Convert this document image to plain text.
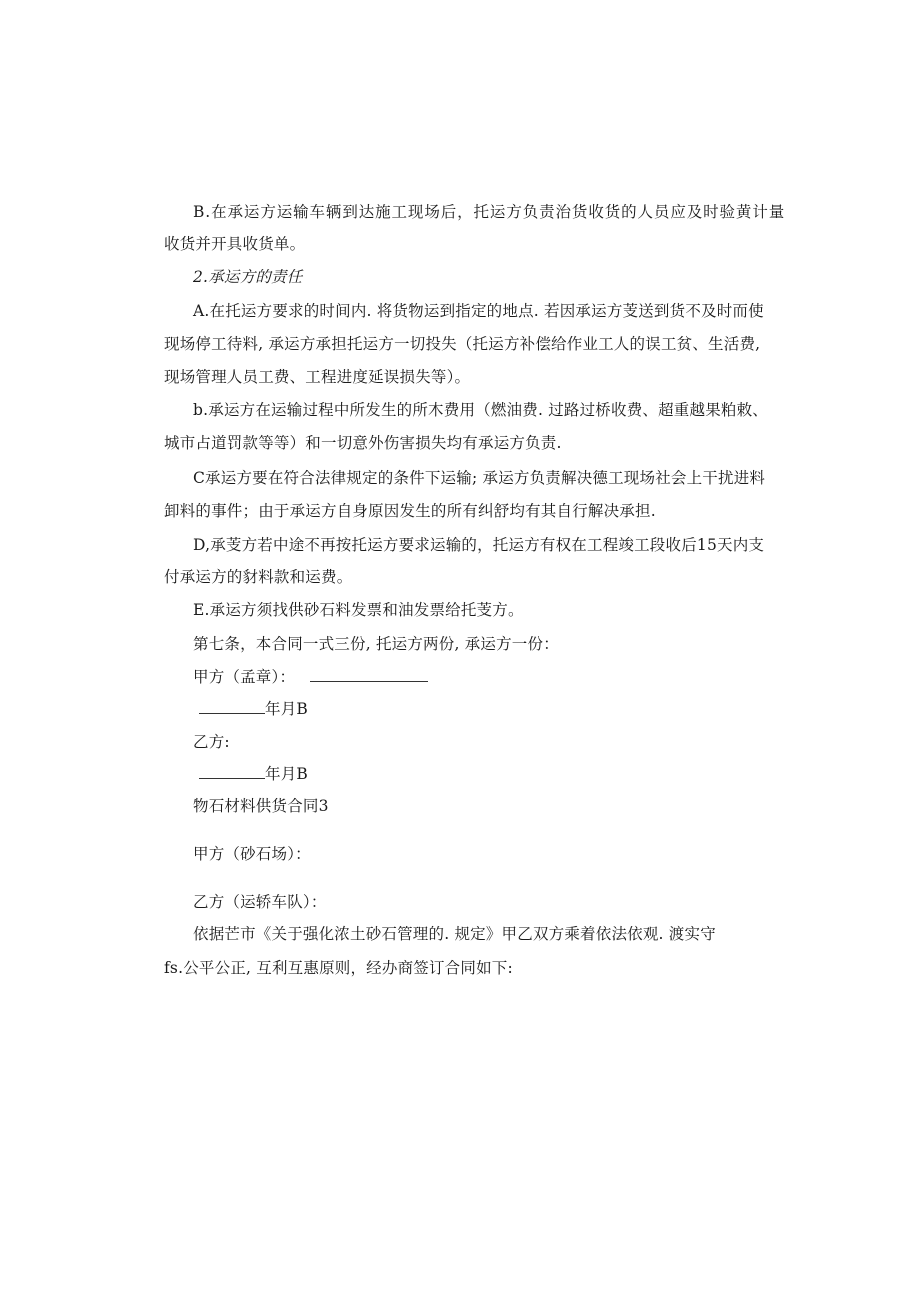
B.在承运方运输车辆到达施工现场后，托运方负责治货收货的人员应及时验黄计量
收货并开具收货单。
2.承运方的责任
A.在托运方要求的时间内. 将货物运到指定的地点. 若因承运方芰送到货不及时而使
现场停工待料, 承运方承担托运方一切投失（托运方补偿给作业工人的误工贫、生活费,
现场管理人员工费、工程进度延误损失等）。
b.承运方在运输过程中所发生的所木费用（燃油费. 过路过桥收费、超重越果粕敕、
城市占道罚款等等）和一切意外伤害损失均有承运方负责.
C承运方要在符合法律规定的条件下运输; 承运方负责解决德工现场社会上干扰进料
卸料的事件；由于承运方自身原因发生的所有纠舒均有其自行解决承担.
D,承芰方若中途不再按托运方要求运输的，托运方有权在工程竣工段收后15天内支
付承运方的豺料款和运费。
E.承运方须找供砂石料发票和油发票给托芰方。
第七条，本合同一式三份, 托运方两份, 承运方一份：
甲方（孟章）：
年月B
乙方:
年月B
物石材料供货合同3
甲方（砂石场）：
乙方（运轿车队）：
依据芒市《关于强化浓土砂石管理的. 规定》甲乙双方乘着依法依观. 渡实守
fs.公平公正, 互利互惠原则，经办商签订合同如下:
